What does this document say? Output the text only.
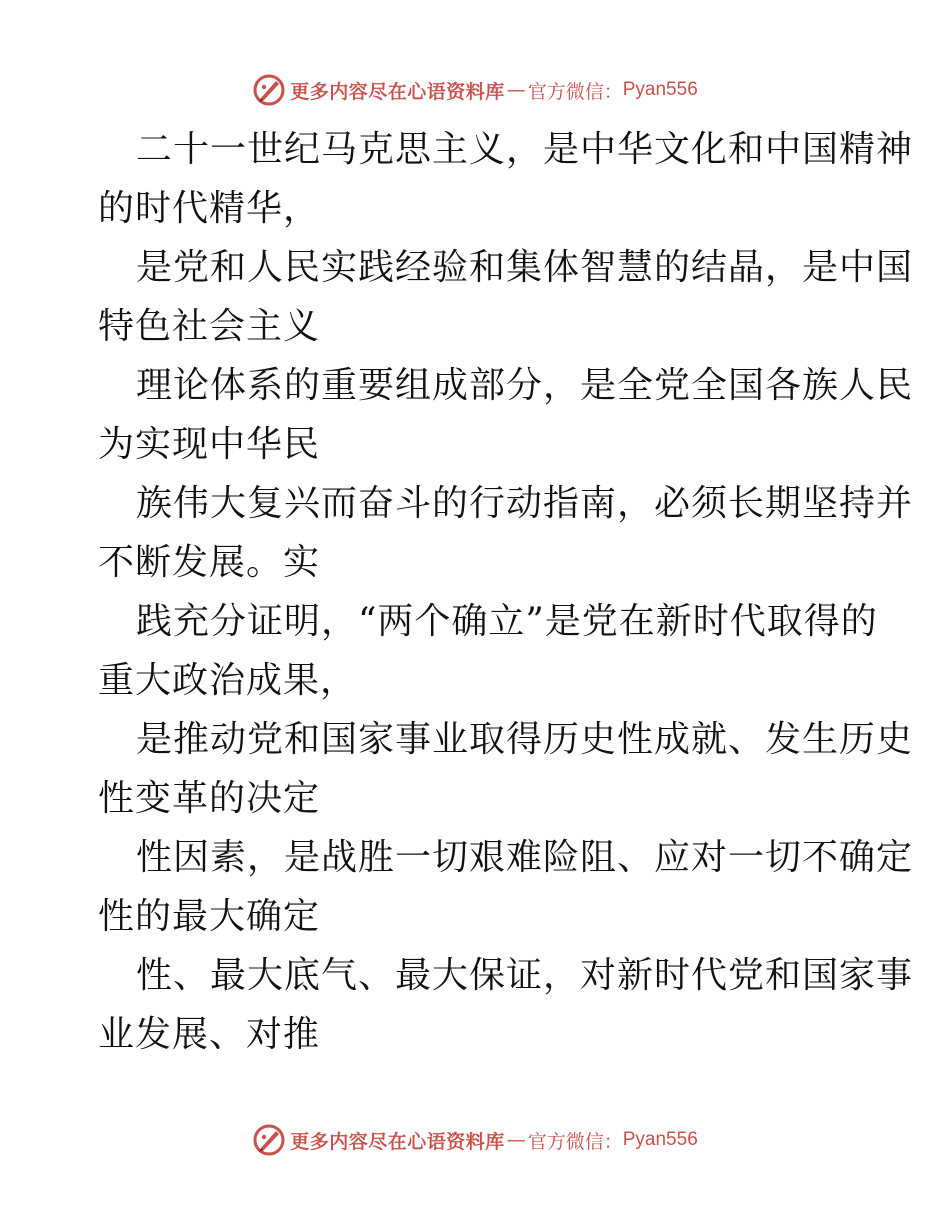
更多内容尽在心语资料库 — 官方微信： Pyan556

二十一世纪马克思主义，是中华文化和中国精神
的时代精华，

是党和人民实践经验和集体智慧的结晶，是中国
特色社会主义

理论体系的重要组成部分，是全党全国各族人民
为实现中华民

族伟大复兴而奋斗的行动指南，必须长期坚持并
不断发展。实

践充分证明，“两个确立”是党在新时代取得的
重大政治成果，

是推动党和国家事业取得历史性成就、发生历史
性变革的决定

性因素，是战胜一切艰难险阻、应对一切不确定
性的最大确定

性、最大底气、最大保证，对新时代党和国家事
业发展、对推

更多内容尽在心语资料库 — 官方微信： Pyan556
